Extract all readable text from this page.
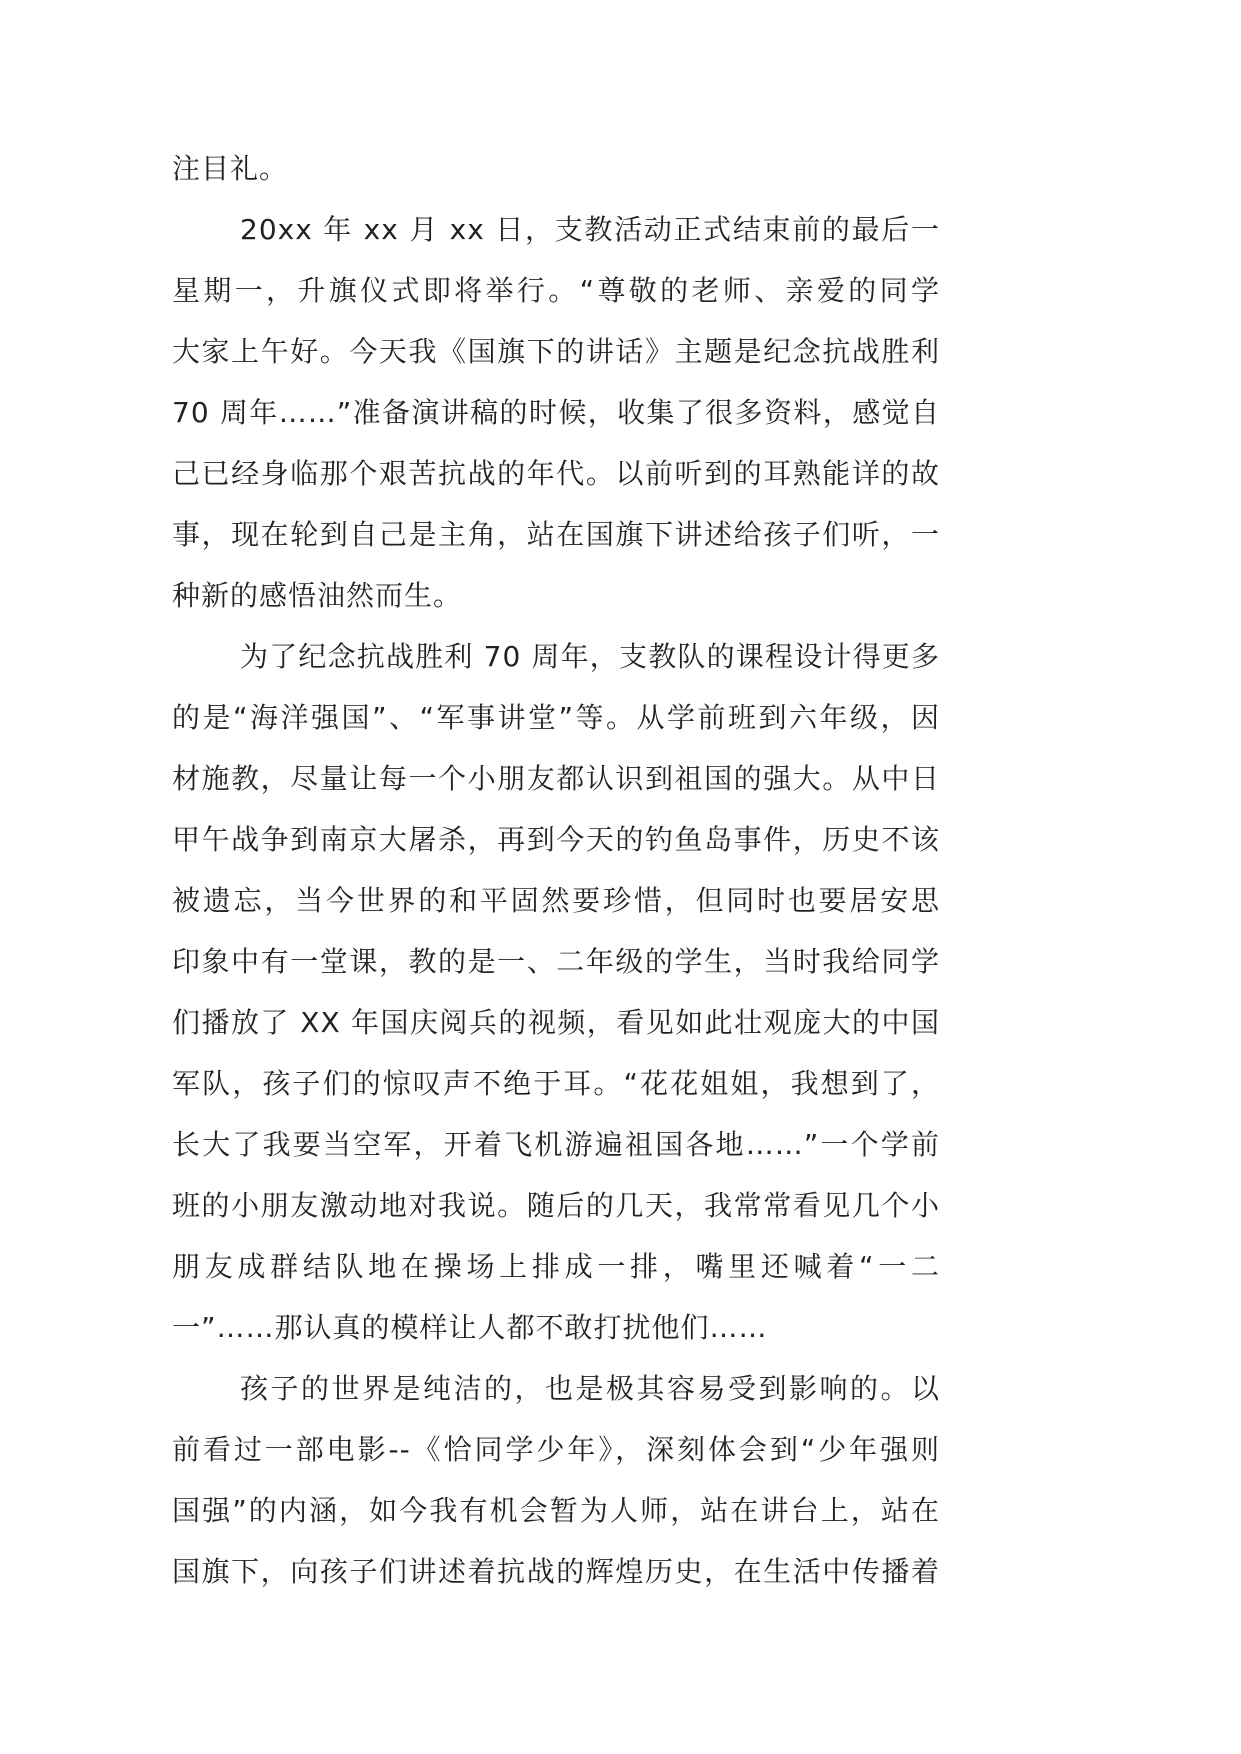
注目礼。
20xx 年 xx 月 xx 日，支教活动正式结束前的最后一
星期一，升旗仪式即将举行。“尊敬的老师、亲爱的同学
大家上午好。今天我《国旗下的讲话》主题是纪念抗战胜利
70 周年……”准备演讲稿的时候，收集了很多资料，感觉自
己已经身临那个艰苦抗战的年代。以前听到的耳熟能详的故
事，现在轮到自己是主角，站在国旗下讲述给孩子们听，一
种新的感悟油然而生。
为了纪念抗战胜利 70 周年，支教队的课程设计得更多
的是“海洋强国”、“军事讲堂”等。从学前班到六年级，因
材施教，尽量让每一个小朋友都认识到祖国的强大。从中日
甲午战争到南京大屠杀，再到今天的钓鱼岛事件，历史不该
被遗忘，当今世界的和平固然要珍惜，但同时也要居安思
印象中有一堂课，教的是一、二年级的学生，当时我给同学
们播放了 XX 年国庆阅兵的视频，看见如此壮观庞大的中国
军队，孩子们的惊叹声不绝于耳。“花花姐姐，我想到了，
长大了我要当空军，开着飞机游遍祖国各地……”一个学前
班的小朋友激动地对我说。随后的几天，我常常看见几个小
朋友成群结队地在操场上排成一排，嘴里还喊着“一二
一”……那认真的模样让人都不敢打扰他们……
孩子的世界是纯洁的，也是极其容易受到影响的。以
前看过一部电影--《恰同学少年》，深刻体会到“少年强则
国强”的内涵，如今我有机会暂为人师，站在讲台上，站在
国旗下，向孩子们讲述着抗战的辉煌历史，在生活中传播着
